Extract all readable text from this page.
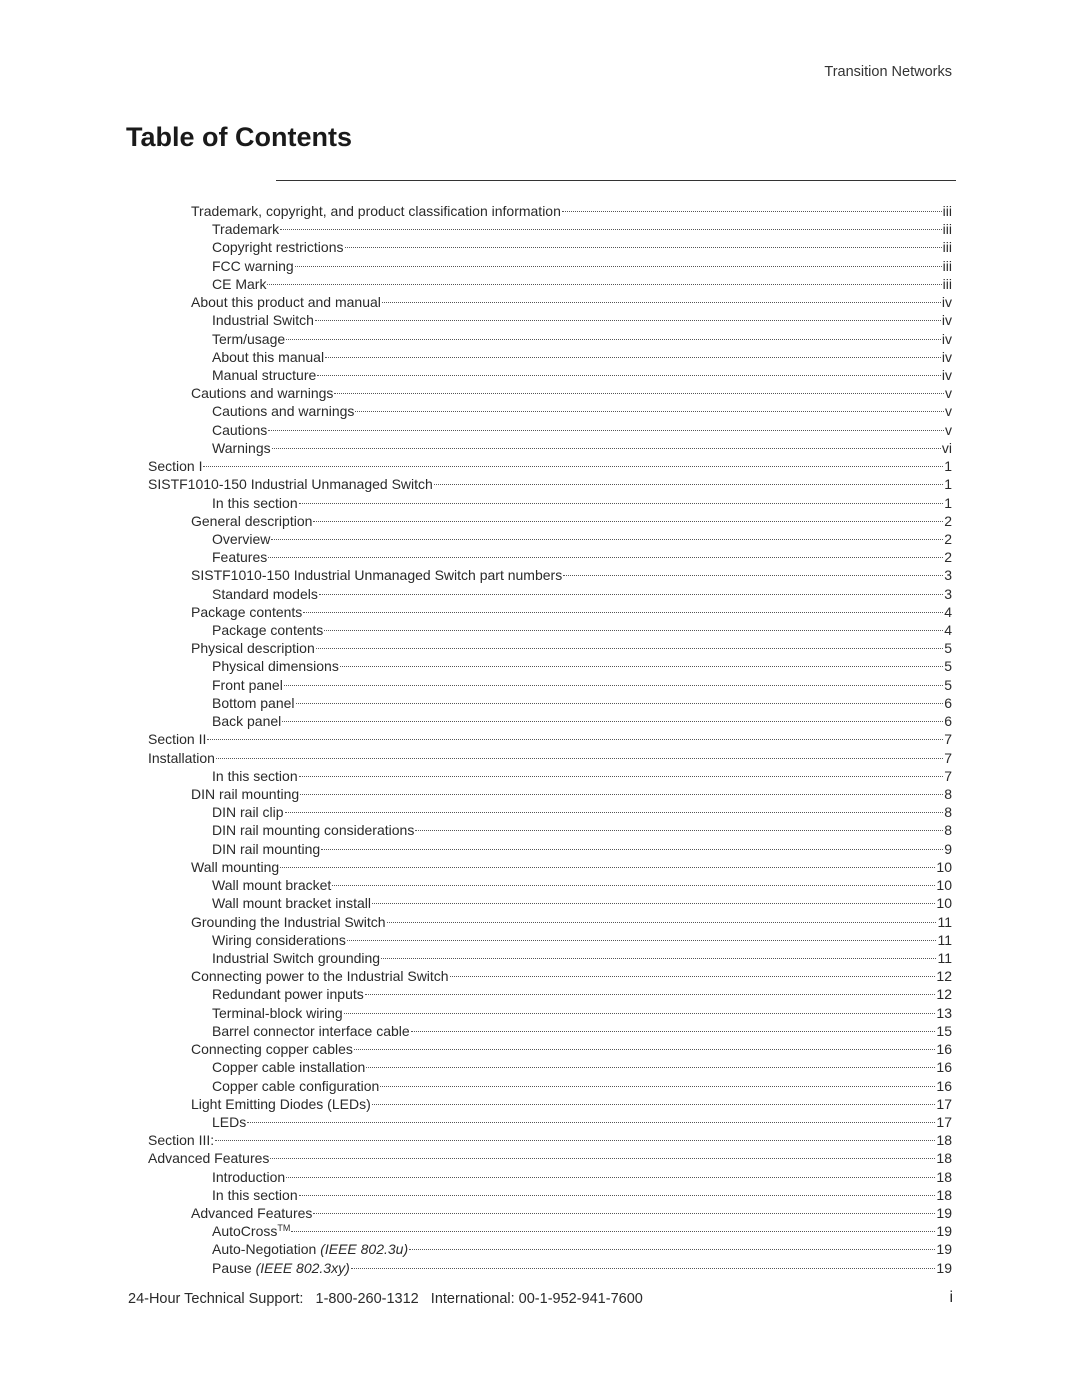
Transition Networks
Table of Contents
Trademark, copyright, and product classification information	iii
Trademark	iii
Copyright restrictions	iii
FCC warning	iii
CE Mark	iii
About this product and manual	iv
Industrial Switch	iv
Term/usage	iv
About this manual	iv
Manual structure	iv
Cautions and warnings	v
Cautions and warnings	v
Cautions	v
Warnings	vi
Section I	1
SISTF1010-150 Industrial Unmanaged Switch	1
In this section	1
General description	2
Overview	2
Features	2
SISTF1010-150 Industrial Unmanaged Switch part numbers	3
Standard models	3
Package contents	4
Package contents	4
Physical description	5
Physical dimensions	5
Front panel	5
Bottom panel	6
Back panel	6
Section II	7
Installation	7
In this section	7
DIN rail mounting	8
DIN rail clip	8
DIN rail mounting considerations	8
DIN rail mounting	9
Wall mounting	10
Wall mount bracket	10
Wall mount bracket install	10
Grounding the Industrial Switch	11
Wiring considerations	11
Industrial Switch grounding	11
Connecting power to the Industrial Switch	12
Redundant power inputs	12
Terminal-block wiring	13
Barrel connector interface cable	15
Connecting copper cables	16
Copper cable installation	16
Copper cable configuration	16
Light Emitting Diodes (LEDs)	17
LEDs	17
Section III:	18
Advanced Features	18
Introduction	18
In this section	18
Advanced Features	19
AutoCross™	19
Auto-Negotiation (IEEE 802.3u)	19
Pause (IEEE 802.3xy)	19
24-Hour Technical Support:   1-800-260-1312   International: 00-1-952-941-7600	i
